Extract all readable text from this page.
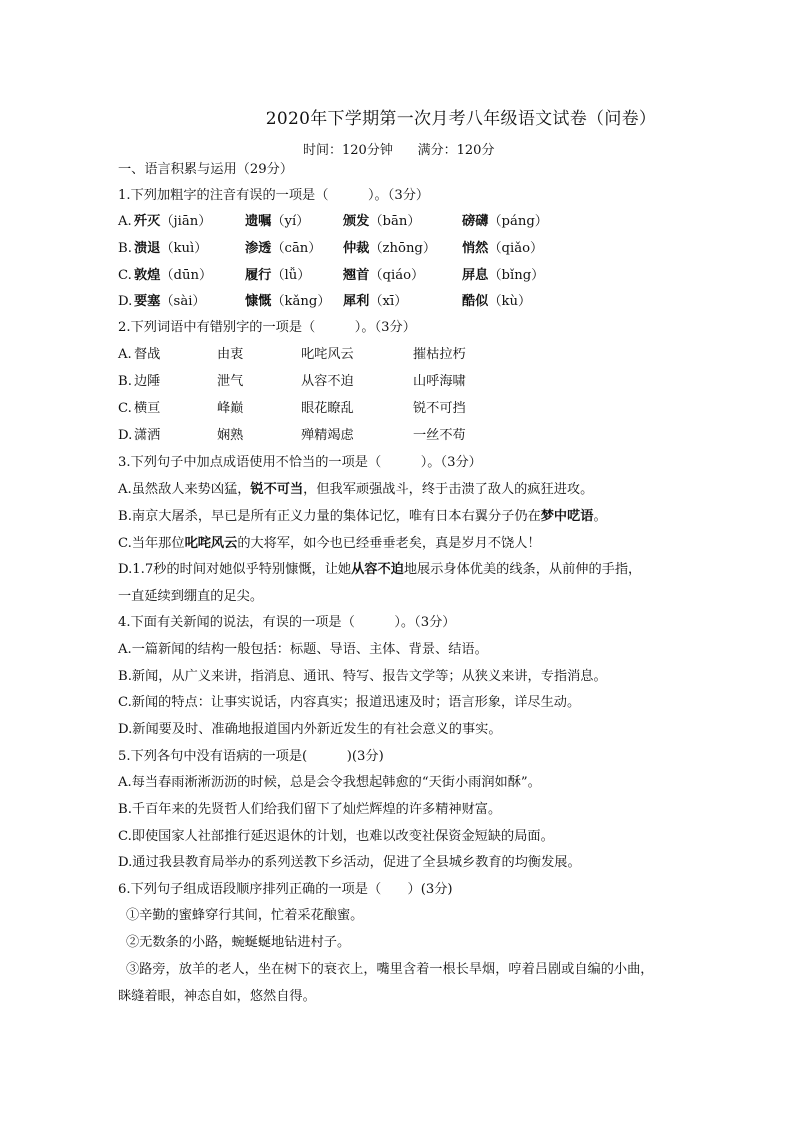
2020年下学期第一次月考八年级语文试卷（问卷）
时间：120分钟 满分：120分
一、语言积累与运用（29分）
1.下列加粗字的注音有误的一项是（　　　）。（3分）
A. 歼灭（jiān）	遗嘱（yí）	颁发（bān）	磅礴（páng）
B. 溃退（kuì）	渗透（cān） 仲裁（zhōng） 悄然（qiǎo）
C. 敦煌（dūn） 履行（lǚ） 翘首（qiáo）	屏息（bǐng）
D. 要塞（sài）	慷慨（kǎng） 犀利（xī）	酷似（kù）
2.下列词语中有错别字的一项是（　　　）。（3分）
A. 督战	由衷	叱咤风云	摧枯拉朽
B. 边陲	泄气	从容不迫	山呼海啸
C. 横亘	峰巅	眼花瞭乱	锐不可挡
D. 潇洒	娴熟	殚精竭虑	一丝不苟
3.下列句子中加点成语使用不恰当的一项是（　　　）。（3分）
A.虽然敌人来势凶猛，锐不可当，但我军顽强战斗，终于击溃了敌人的疯狂进攻。
B.南京大屠杀，早已是所有正义力量的集体记忆，唯有日本右翼分子仍在梦中呓语。
C.当年那位叱咤风云的大将军，如今也已经垂垂老矣，真是岁月不饶人！
D.1.7秒的时间对她似乎特别慷慨，让她从容不迫地展示身体优美的线条，从前伸的手指，
一直延续到绷直的足尖。
4.下面有关新闻的说法，有误的一项是（　　　）。（3分）
A.一篇新闻的结构一般包括：标题、导语、主体、背景、结语。
B.新闻，从广义来讲，指消息、通讯、特写、报告文学等；从狭义来讲，专指消息。
C.新闻的特点：让事实说话，内容真实；报道迅速及时；语言形象，详尽生动。
D.新闻要及时、准确地报道国内外新近发生的有社会意义的事实。
5.下列各句中没有语病的一项是(　　　)(3分)
A.每当春雨淅淅沥沥的时候，总是会令我想起韩愈的“天街小雨润如酥”。
B.千百年来的先贤哲人们给我们留下了灿烂辉煌的许多精神财富。
C.即使国家人社部推行延迟退休的计划，也难以改变社保资金短缺的局面。
D.通过我县教育局举办的系列送教下乡活动，促进了全县城乡教育的均衡发展。
6.下列句子组成语段顺序排列正确的一项是（　　）(3分)
①辛勤的蜜蜂穿行其间，忙着采花酿蜜。
②无数条的小路，蜿蜒蜒地钻进村子。
③路旁，放羊的老人，坐在树下的衰衣上，嘴里含着一根长旱烟，哼着吕剧或自编的小曲，
眯缝着眼，神态自如，悠然自得。
